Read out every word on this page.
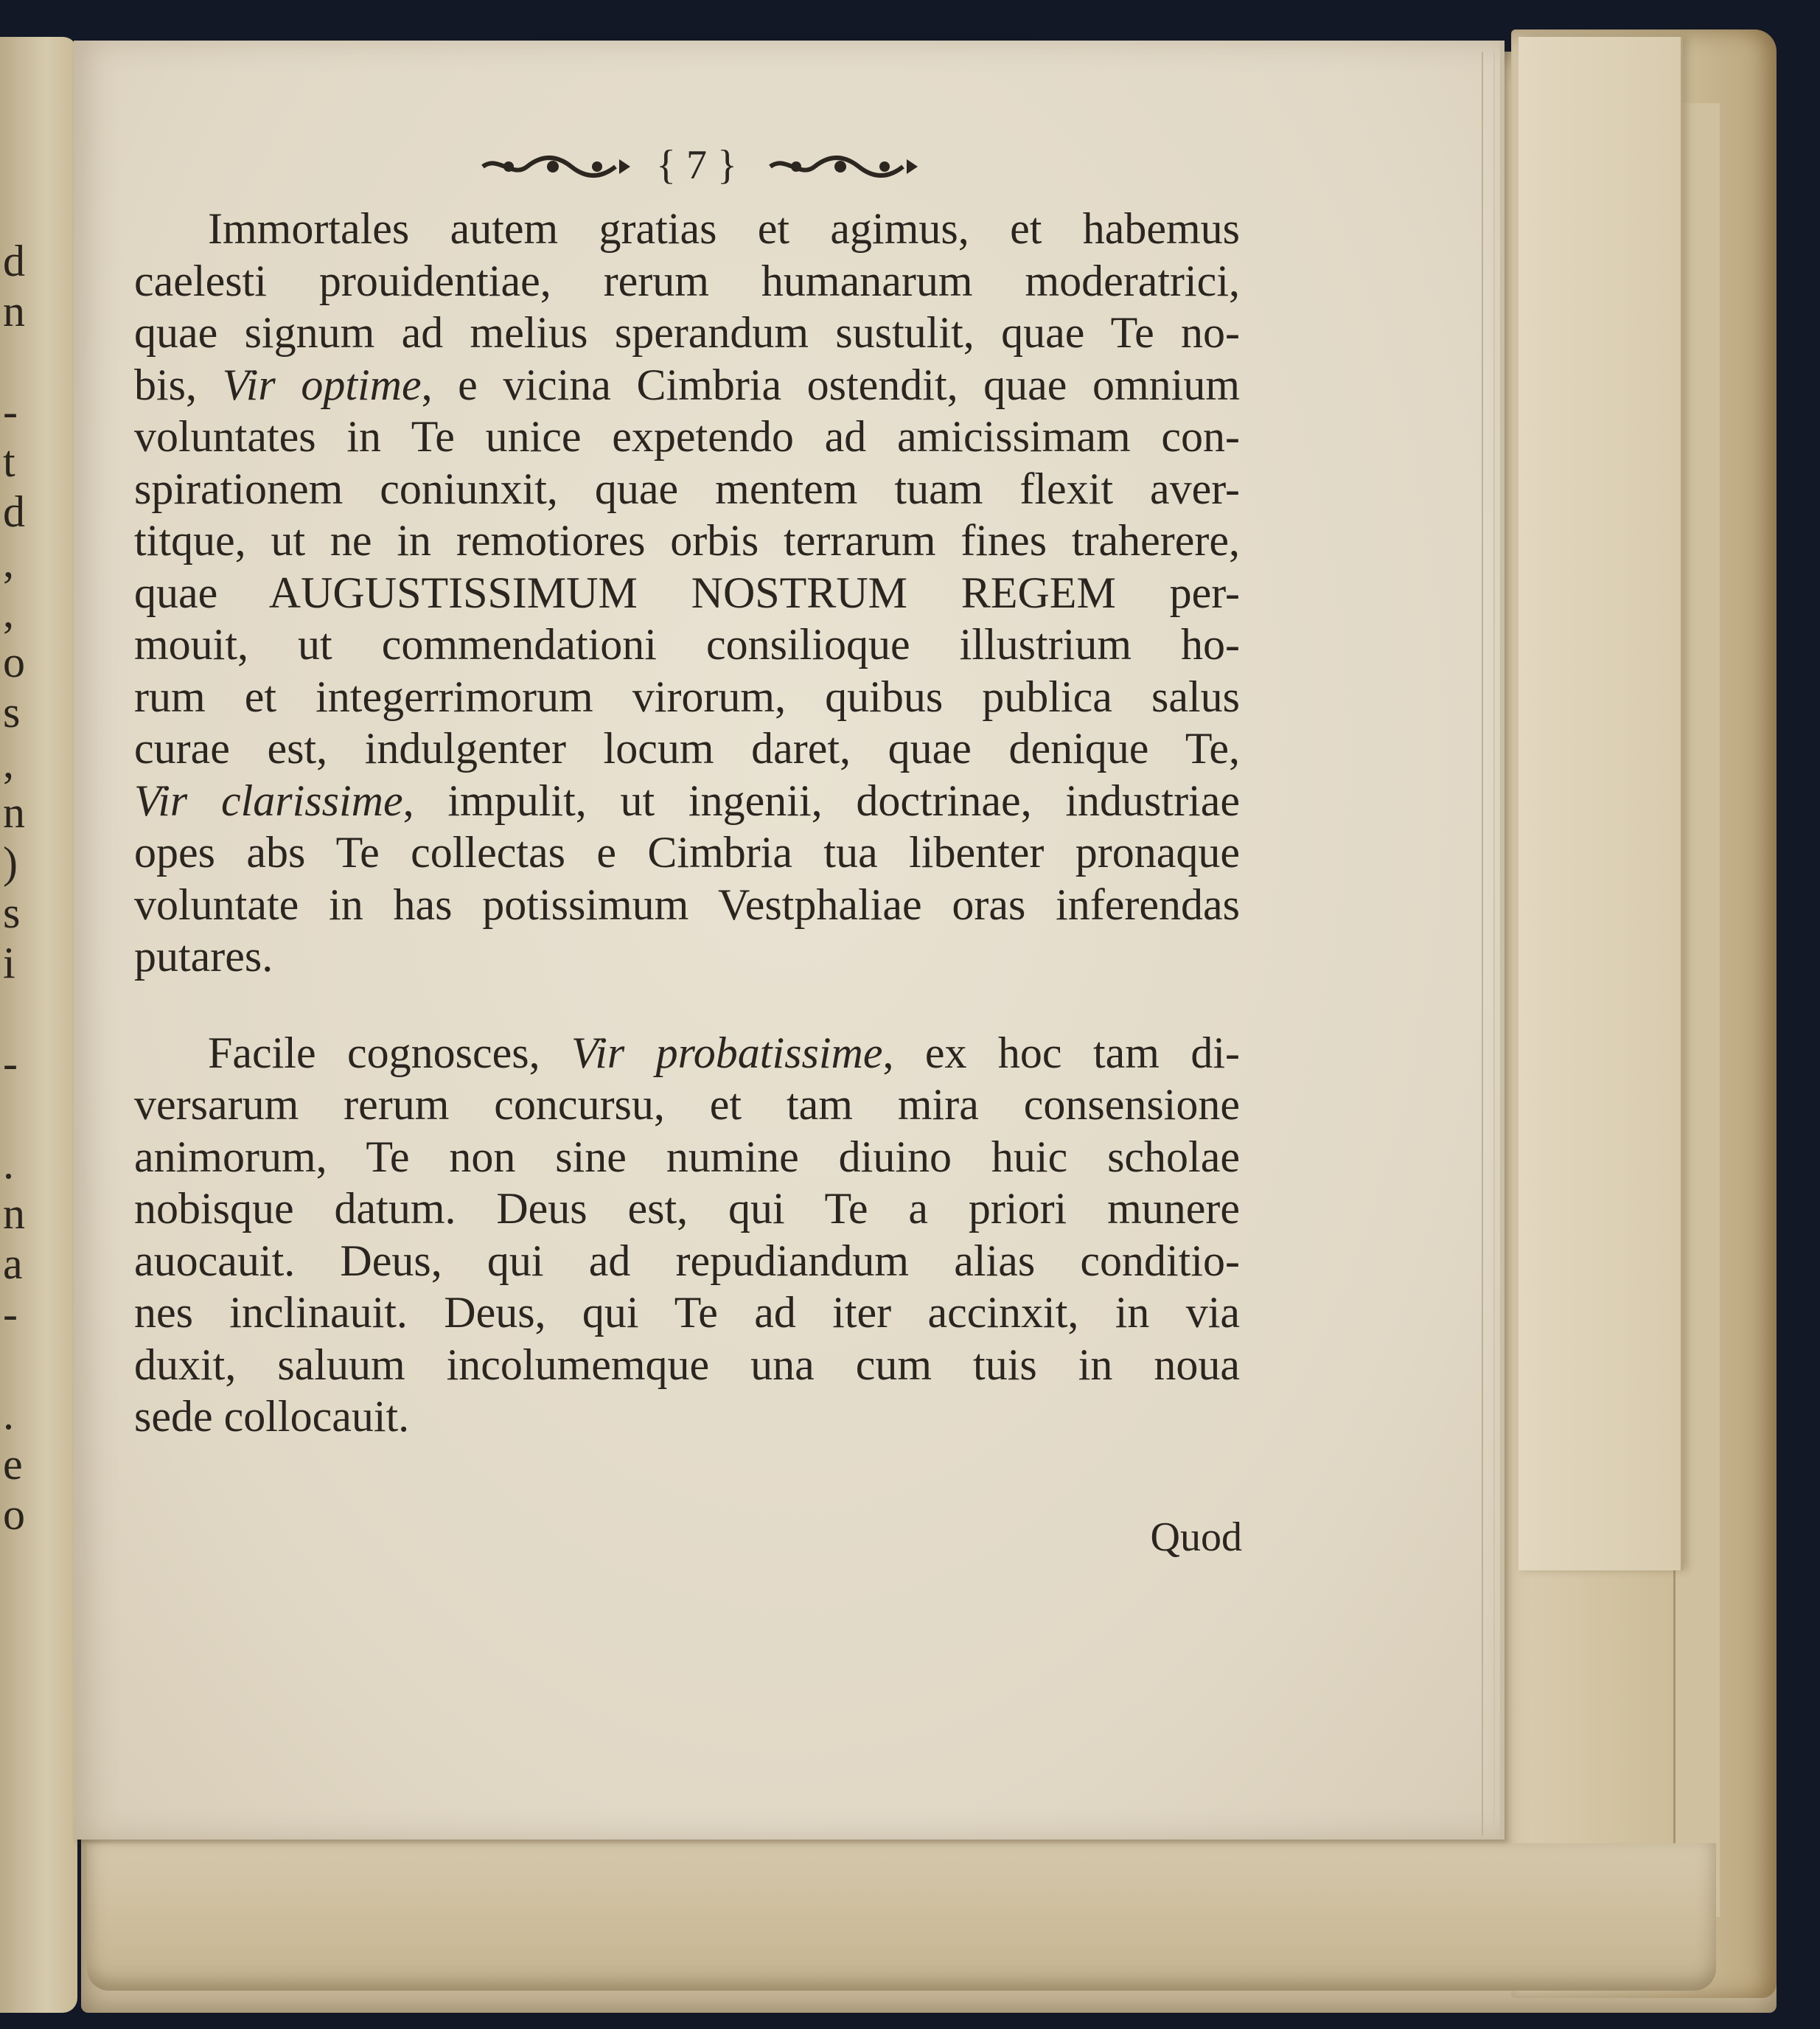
d
n

-
t
d
,
,
o
s
,
n
)
s
i

-

.
n
a
-

.
e
o

{ 7 }
Immortales autem gratias et agimus, et habemus
caelesti prouidentiae, rerum humanarum moderatrici,
quae signum ad melius sperandum sustulit, quae Te no-
bis, Vir optime, e vicina Cimbria ostendit, quae omnium
voluntates in Te unice expetendo ad amicissimam con-
spirationem coniunxit, quae mentem tuam flexit aver-
titque, ut ne in remotiores orbis terrarum fines traherere,
quae AUGUSTISSIMUM NOSTRUM REGEM per-
mouit, ut commendationi consilioque illustrium ho-
rum et integerrimorum virorum, quibus publica salus
curae est, indulgenter locum daret, quae denique Te,
Vir clarissime, impulit, ut ingenii, doctrinae, industriae
opes abs Te collectas e Cimbria tua libenter pronaque
voluntate in has potissimum Vestphaliae oras inferendas
putares.
Facile cognosces, Vir probatissime, ex hoc tam di-
versarum rerum concursu, et tam mira consensione
animorum, Te non sine numine diuino huic scholae
nobisque datum. Deus est, qui Te a priori munere
auocauit. Deus, qui ad repudiandum alias conditio-
nes inclinauit. Deus, qui Te ad iter accinxit, in via
duxit, saluum incolumemque una cum tuis in noua
sede collocauit.
Quod
